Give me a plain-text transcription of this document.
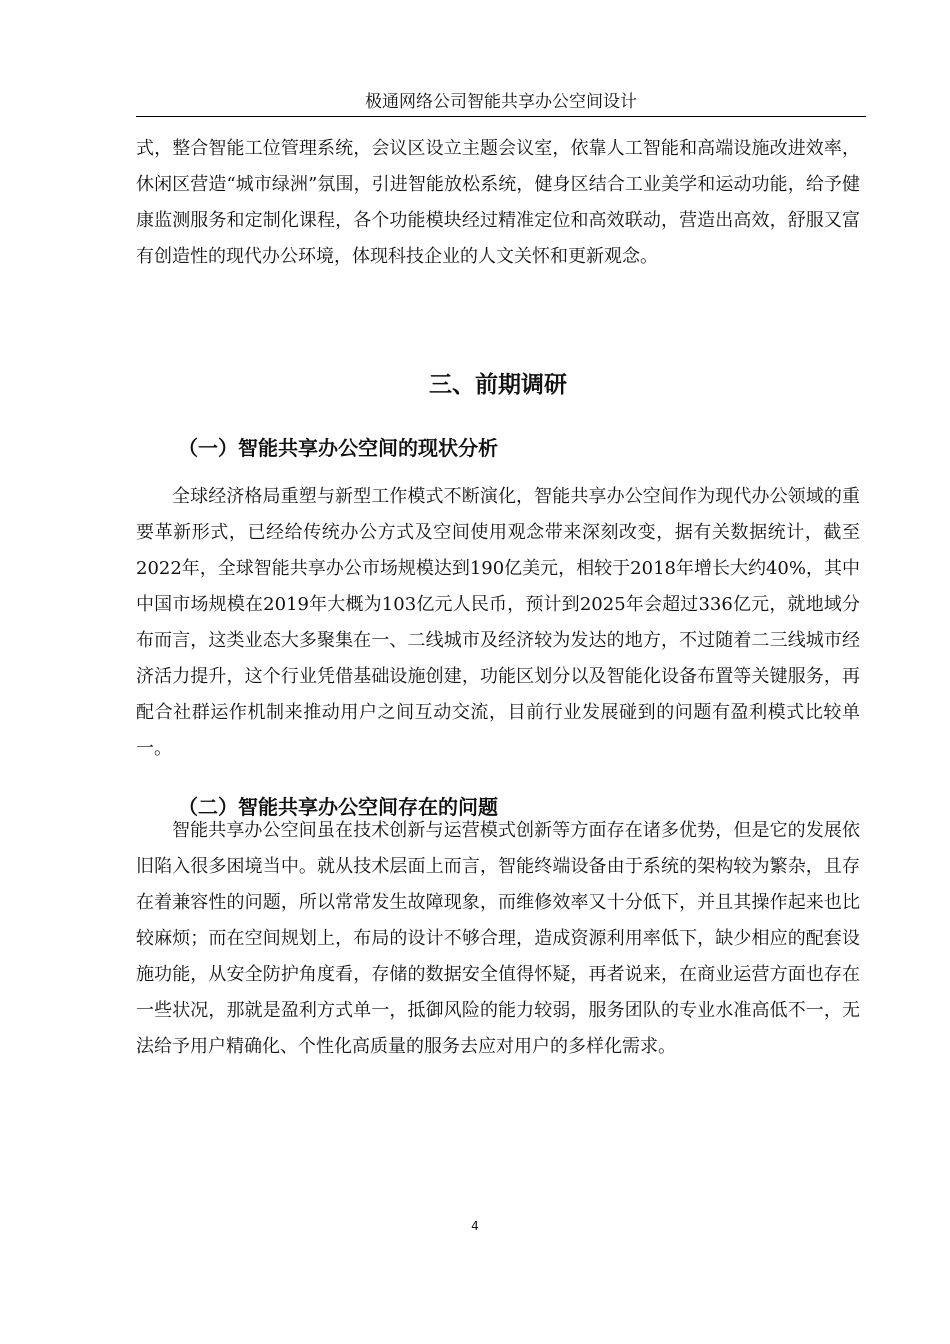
极通网络公司智能共享办公空间设计

式，整合智能工位管理系统，会议区设立主题会议室，依靠人工智能和高端设施改进效率，休闲区营造“城市绿洲”氛围，引进智能放松系统，健身区结合工业美学和运动功能，给予健康监测服务和定制化课程，各个功能模块经过精准定位和高效联动，营造出高效，舒服又富有创造性的现代办公环境，体现科技企业的人文关怀和更新观念。

三、前期调研
（一）智能共享办公空间的现状分析

全球经济格局重塑与新型工作模式不断演化，智能共享办公空间作为现代办公领域的重要革新形式，已经给传统办公方式及空间使用观念带来深刻改变，据有关数据统计，截至2022年，全球智能共享办公市场规模达到190亿美元，相较于2018年增长大约40%，其中中国市场规模在2019年大概为103亿元人民币，预计到2025年会超过336亿元，就地域分布而言，这类业态大多聚集在一、二线城市及经济较为发达的地方，不过随着二三线城市经济活力提升，这个行业凭借基础设施创建，功能区划分以及智能化设备布置等关键服务，再配合社群运作机制来推动用户之间互动交流，目前行业发展碰到的问题有盈利模式比较单一。

（二）智能共享办公空间存在的问题

智能共享办公空间虽在技术创新与运营模式创新等方面存在诸多优势，但是它的发展依旧陷入很多困境当中。就从技术层面上而言，智能终端设备由于系统的架构较为繁杂，且存在着兼容性的问题，所以常常发生故障现象，而维修效率又十分低下，并且其操作起来也比较麻烦；而在空间规划上，布局的设计不够合理，造成资源利用率低下，缺少相应的配套设施功能，从安全防护角度看，存储的数据安全值得怀疑，再者说来，在商业运营方面也存在一些状况，那就是盈利方式单一，抵御风险的能力较弱，服务团队的专业水准高低不一，无法给予用户精确化、个性化高质量的服务去应对用户的多样化需求。

4
